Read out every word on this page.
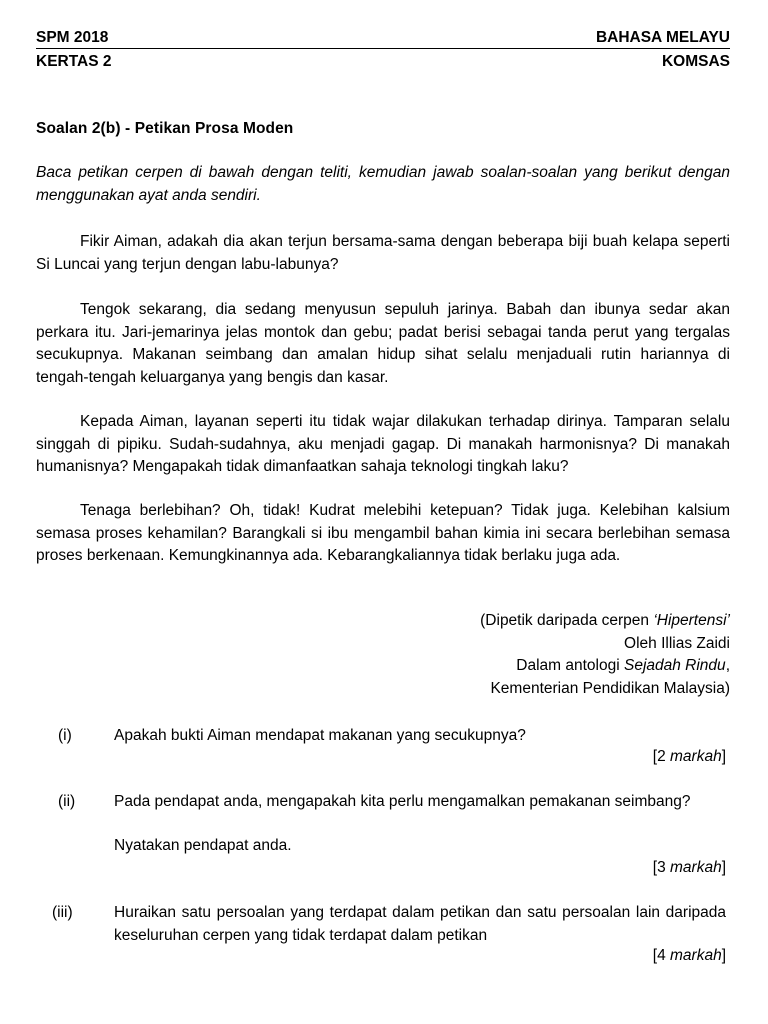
SPM 2018	BAHASA MELAYU
KERTAS 2	KOMSAS
Soalan 2(b) - Petikan Prosa Moden
Baca petikan cerpen di bawah dengan teliti, kemudian jawab soalan-soalan yang berikut dengan menggunakan ayat anda sendiri.
Fikir Aiman, adakah dia akan terjun bersama-sama dengan beberapa biji buah kelapa seperti Si Luncai yang terjun dengan labu-labunya?
Tengok sekarang, dia sedang menyusun sepuluh jarinya. Babah dan ibunya sedar akan perkara itu. Jari-jemarinya jelas montok dan gebu; padat berisi sebagai tanda perut yang tergalas secukupnya. Makanan seimbang dan amalan hidup sihat selalu menjaduali rutin hariannya di tengah-tengah keluarganya yang bengis dan kasar.
Kepada Aiman, layanan seperti itu tidak wajar dilakukan terhadap dirinya. Tamparan selalu singgah di pipiku. Sudah-sudahnya, aku menjadi gagap. Di manakah harmonisnya? Di manakah humanisnya? Mengapakah tidak dimanfaatkan sahaja teknologi tingkah laku?
Tenaga berlebihan? Oh, tidak! Kudrat melebihi ketepuan? Tidak juga. Kelebihan kalsium semasa proses kehamilan? Barangkali si ibu mengambil bahan kimia ini secara berlebihan semasa proses berkenaan. Kemungkinannya ada. Kebarangkaliannya tidak berlaku juga ada.
(Dipetik daripada cerpen ‘Hipertensi’
Oleh Illias Zaidi
Dalam antologi Sejadah Rindu,
Kementerian Pendidikan Malaysia)
(i)	Apakah bukti Aiman mendapat makanan yang secukupnya?
[2 markah]
(ii)	Pada pendapat anda, mengapakah kita perlu mengamalkan pemakanan seimbang?
Nyatakan pendapat anda.
[3 markah]
(iii)	Huraikan satu persoalan yang terdapat dalam petikan dan satu persoalan lain daripada keseluruhan cerpen yang tidak terdapat dalam petikan
[4 markah]
